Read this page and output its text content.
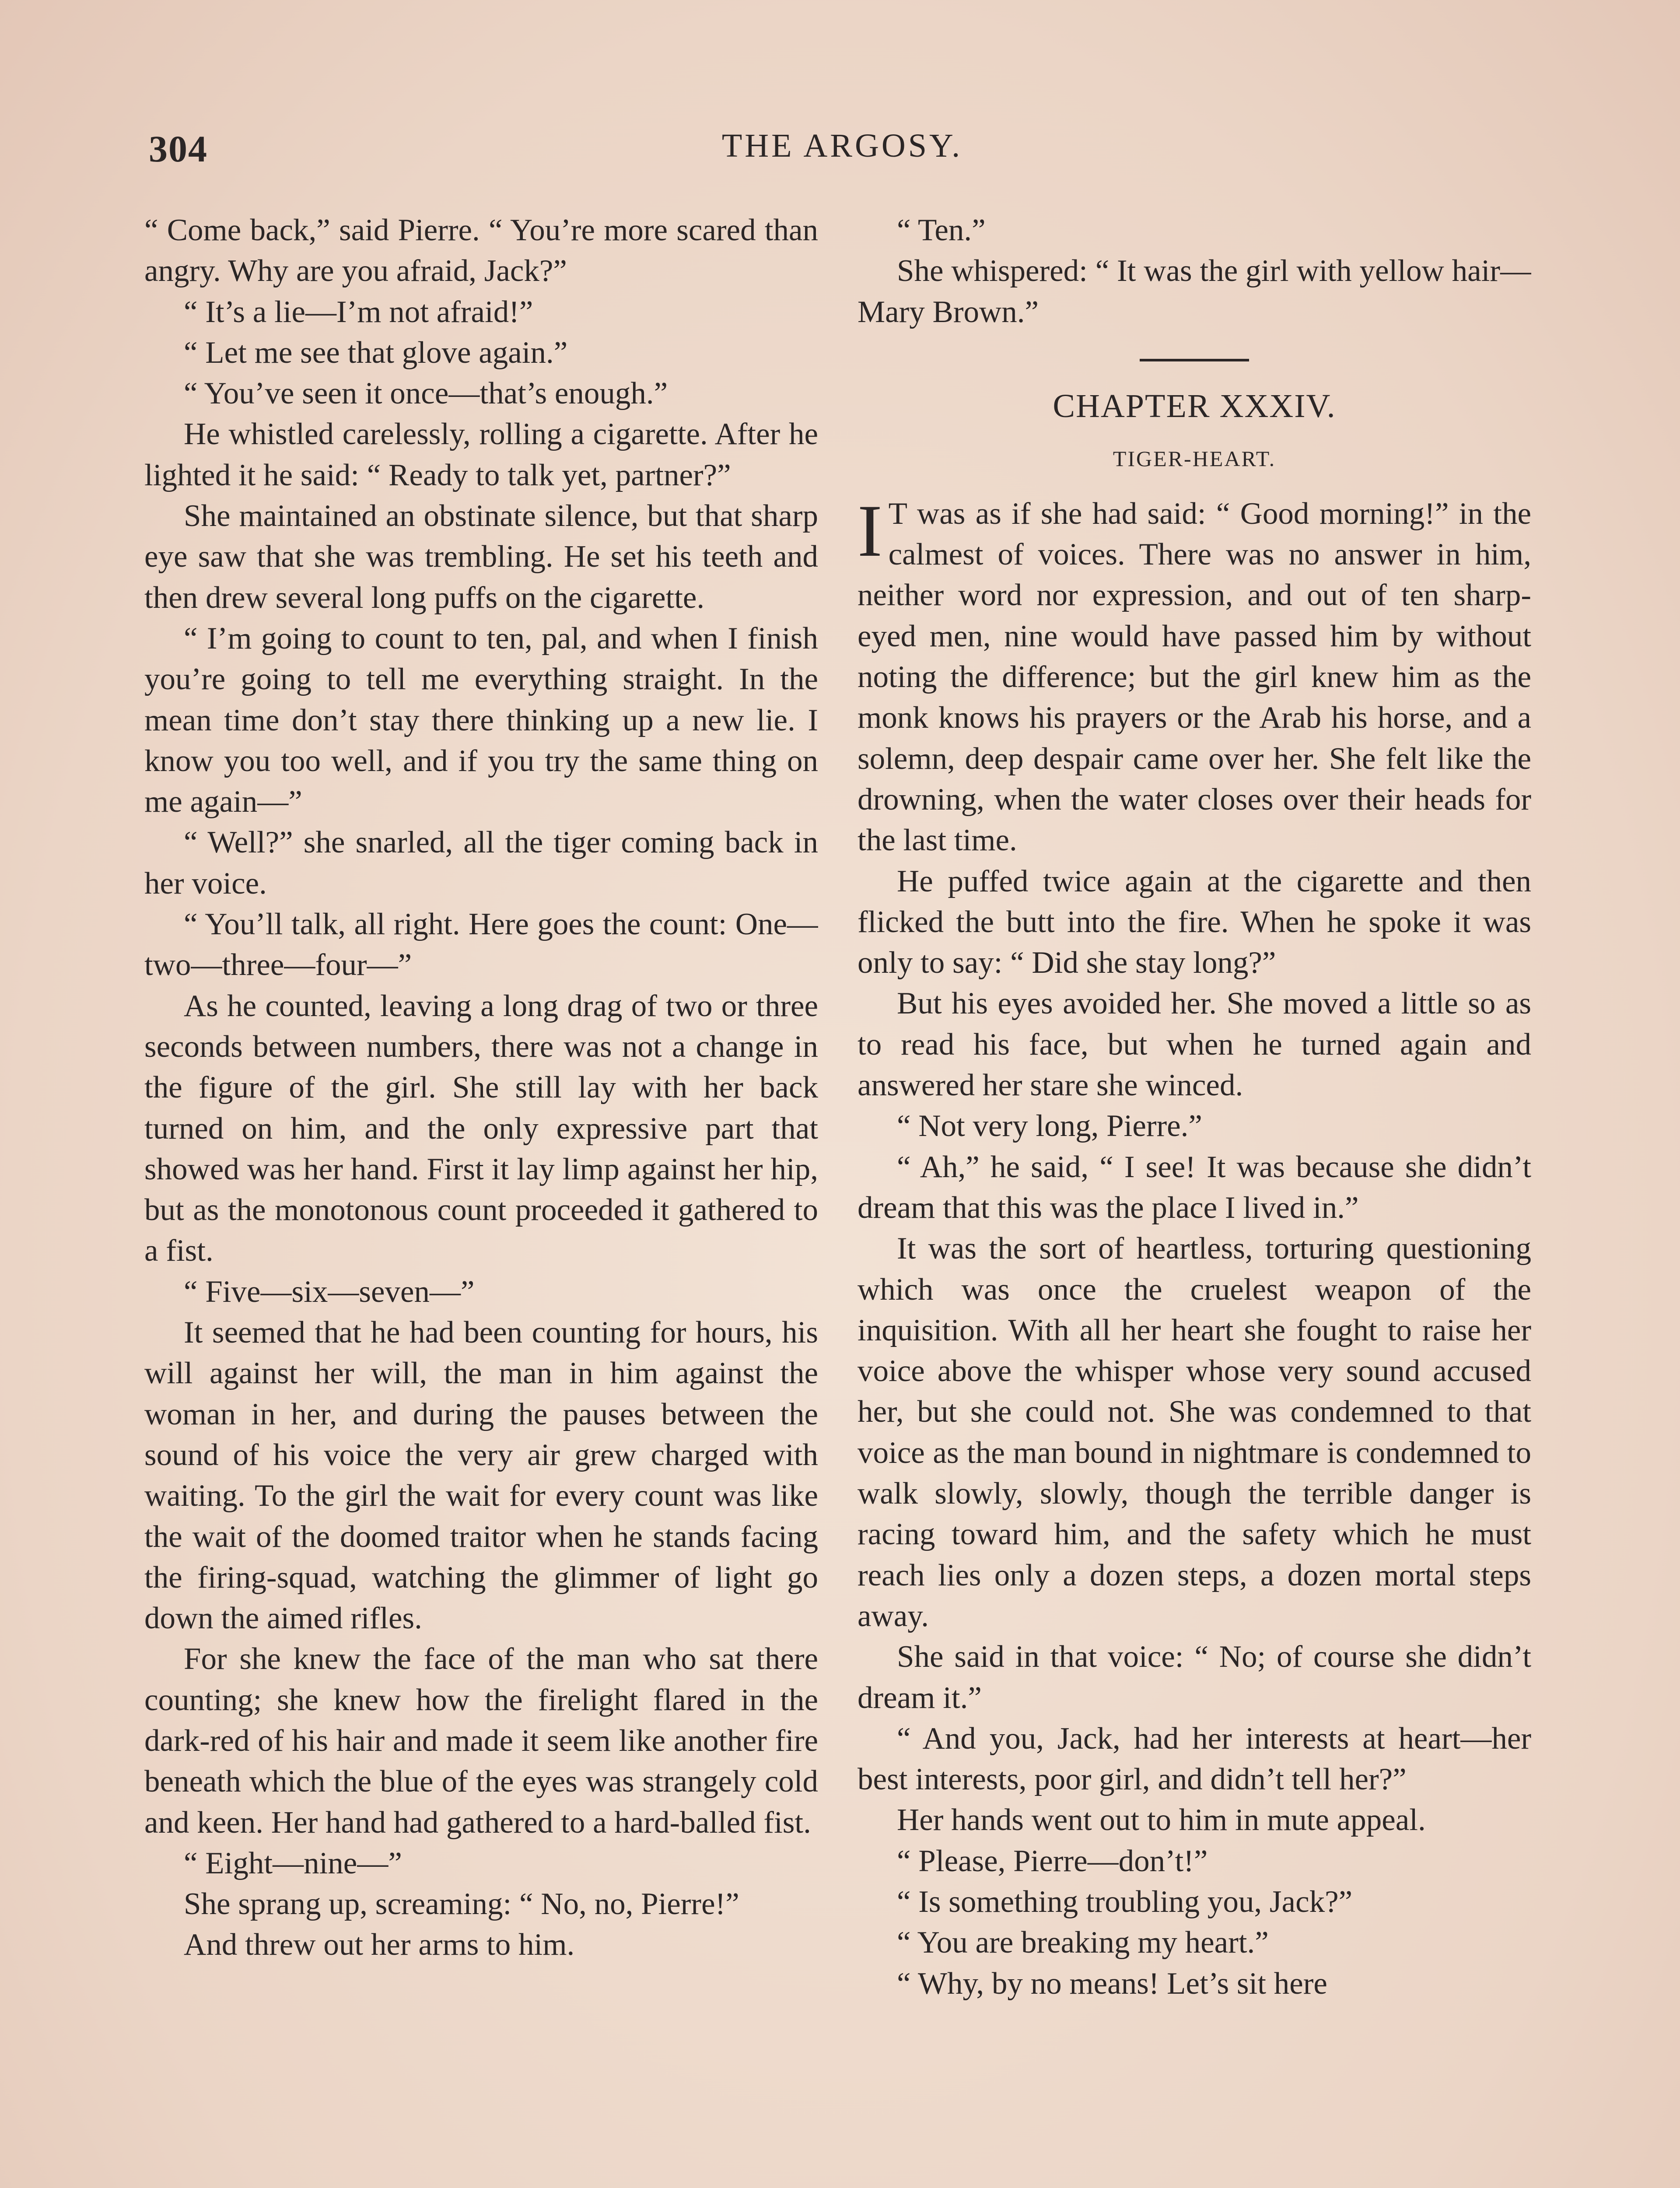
304	THE ARGOSY.

“ Come back,” said Pierre. “ You’re more scared than angry. Why are you afraid, Jack?”

“ It’s a lie—I’m not afraid!”

“ Let me see that glove again.”

“ You’ve seen it once—that’s enough.”

He whistled carelessly, rolling a cigarette. After he lighted it he said: “ Ready to talk yet, partner?”

She maintained an obstinate silence, but that sharp eye saw that she was trembling. He set his teeth and then drew several long puffs on the cigarette.

“ I’m going to count to ten, pal, and when I finish you’re going to tell me everything straight. In the mean time don’t stay there thinking up a new lie. I know you too well, and if you try the same thing on me again—”

“ Well?” she snarled, all the tiger coming back in her voice.

“ You’ll talk, all right. Here goes the count: One—two—three—four—”

As he counted, leaving a long drag of two or three seconds between numbers, there was not a change in the figure of the girl. She still lay with her back turned on him, and the only expressive part that showed was her hand. First it lay limp against her hip, but as the monotonous count proceeded it gathered to a fist.

“ Five—six—seven—”

It seemed that he had been counting for hours, his will against her will, the man in him against the woman in her, and during the pauses between the sound of his voice the very air grew charged with waiting. To the girl the wait for every count was like the wait of the doomed traitor when he stands facing the firing-squad, watching the glimmer of light go down the aimed rifles.

For she knew the face of the man who sat there counting; she knew how the firelight flared in the dark-red of his hair and made it seem like another fire beneath which the blue of the eyes was strangely cold and keen. Her hand had gathered to a hard-balled fist.

“ Eight—nine—”

She sprang up, screaming: “ No, no, Pierre!”

And threw out her arms to him.

“ Ten.”

She whispered: “ It was the girl with yellow hair—Mary Brown.”

CHAPTER XXXIV.

TIGER-HEART.

I T was as if she had said: “ Good morning!” in the calmest of voices. There was no answer in him, neither word nor expression, and out of ten sharp-eyed men, nine would have passed him by without noting the difference; but the girl knew him as the monk knows his prayers or the Arab his horse, and a solemn, deep despair came over her. She felt like the drowning, when the water closes over their heads for the last time.

He puffed twice again at the cigarette and then flicked the butt into the fire. When he spoke it was only to say: “ Did she stay long?”

But his eyes avoided her. She moved a little so as to read his face, but when he turned again and answered her stare she winced.

“ Not very long, Pierre.”

“ Ah,” he said, “ I see! It was because she didn’t dream that this was the place I lived in.”

It was the sort of heartless, torturing questioning which was once the cruelest weapon of the inquisition. With all her heart she fought to raise her voice above the whisper whose very sound accused her, but she could not. She was condemned to that voice as the man bound in nightmare is condemned to walk slowly, slowly, though the terrible danger is racing toward him, and the safety which he must reach lies only a dozen steps, a dozen mortal steps away.

She said in that voice: “ No; of course she didn’t dream it.”

“ And you, Jack, had her interests at heart—her best interests, poor girl, and didn’t tell her?”

Her hands went out to him in mute appeal.

“ Please, Pierre—don’t!”

“ Is something troubling you, Jack?”

“ You are breaking my heart.”

“ Why, by no means! Let’s sit here
